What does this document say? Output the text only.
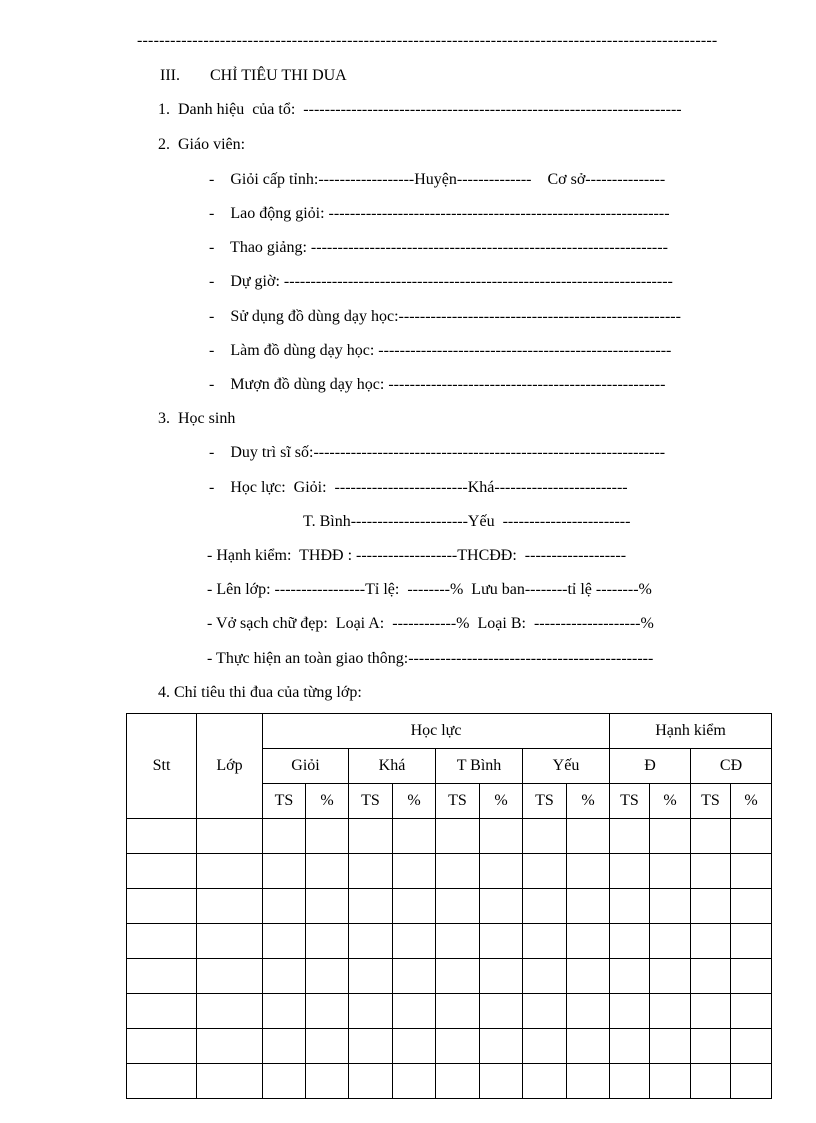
---------------------------------------------------------------------------------------------------------
III. CHỈ TIÊU THI DUA
1.  Danh hiệu  của tổ:  -----------------------------------------------------------------------
2.  Giáo viên:
-    Giỏi cấp tỉnh:------------------Huyện--------------    Cơ sở---------------
-    Lao động giỏi: ----------------------------------------------------------------
-    Thao giảng: -------------------------------------------------------------------
-    Dự giờ: -------------------------------------------------------------------------
-    Sử dụng đồ dùng dạy học:-----------------------------------------------------
-    Làm đồ dùng dạy học: -------------------------------------------------------
-    Mượn đồ dùng dạy học: ----------------------------------------------------
3.  Học sinh
-    Duy trì sĩ số:------------------------------------------------------------------
-    Học lực:  Giỏi:  -------------------------Khá-------------------------
T. Bình----------------------Yếu  ------------------------
- Hạnh kiểm:  THĐĐ : -------------------THCĐĐ:  -------------------
- Lên lớp: -----------------Tỉ lệ:  --------%  Lưu ban--------tỉ lệ --------%
- Vở sạch chữ đẹp:  Loại A:  ------------%  Loại B:  --------------------%
- Thực hiện an toàn giao thông:----------------------------------------------
4. Chỉ tiêu thi đua của từng lớp:
Stt	Lớp	Học lực								Hạnh kiểm			
		Giỏi		Khá		T Bình		Yếu		Đ		CĐ	
		TS	%	TS	%	TS	%	TS	%	TS	%	TS	%
